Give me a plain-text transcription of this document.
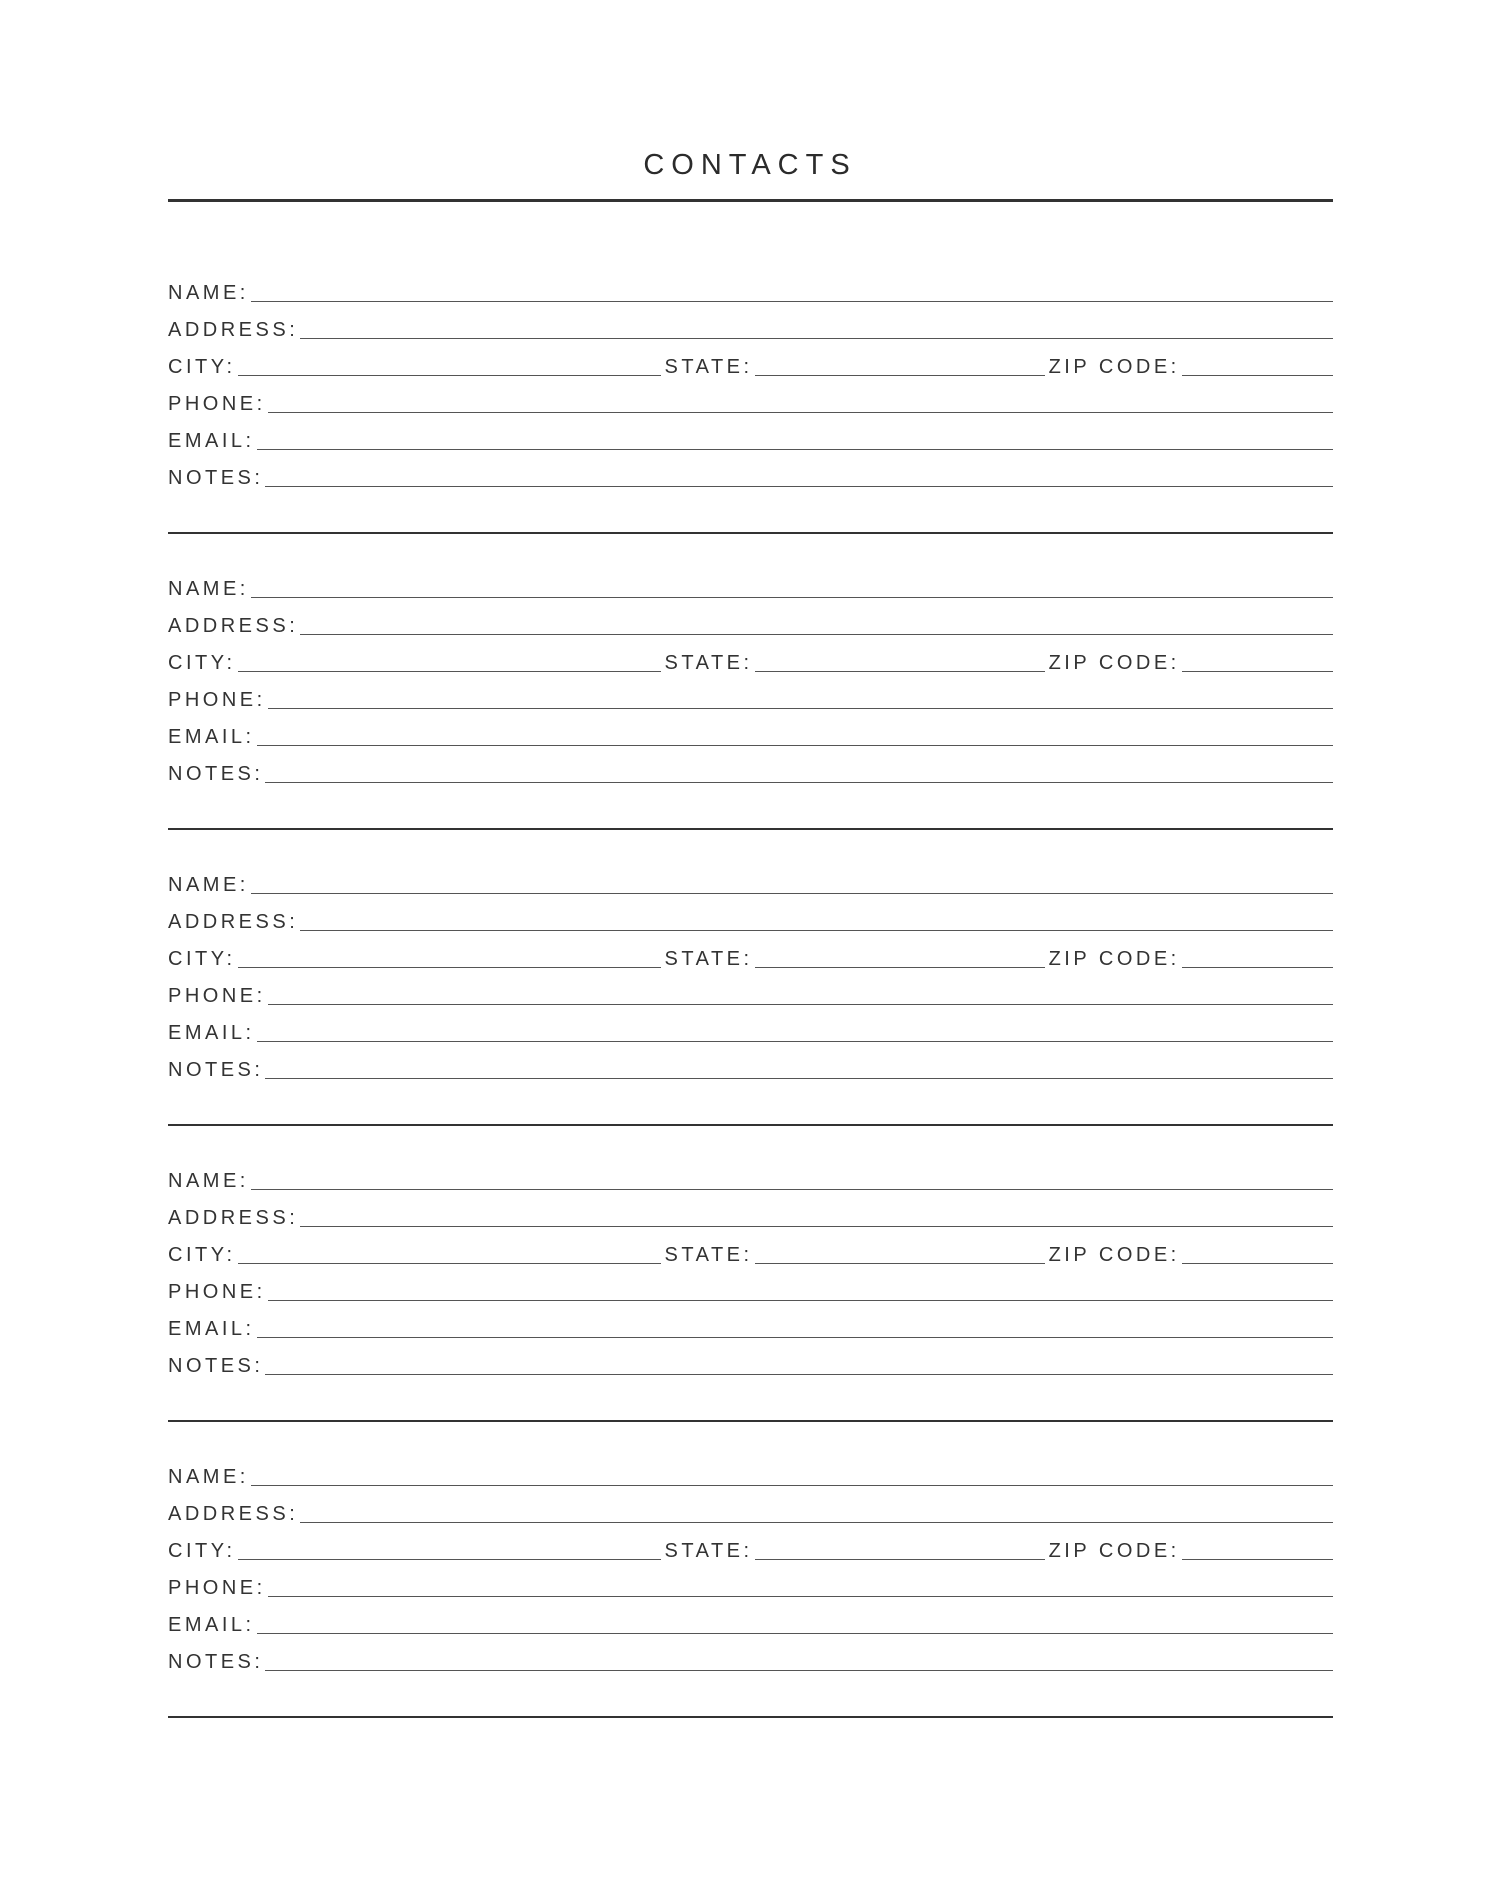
CONTACTS
NAME:
ADDRESS:
CITY:	STATE:	ZIP CODE:
PHONE:
EMAIL:
NOTES:
NAME:
ADDRESS:
CITY:	STATE:	ZIP CODE:
PHONE:
EMAIL:
NOTES:
NAME:
ADDRESS:
CITY:	STATE:	ZIP CODE:
PHONE:
EMAIL:
NOTES:
NAME:
ADDRESS:
CITY:	STATE:	ZIP CODE:
PHONE:
EMAIL:
NOTES:
NAME:
ADDRESS:
CITY:	STATE:	ZIP CODE:
PHONE:
EMAIL:
NOTES:
